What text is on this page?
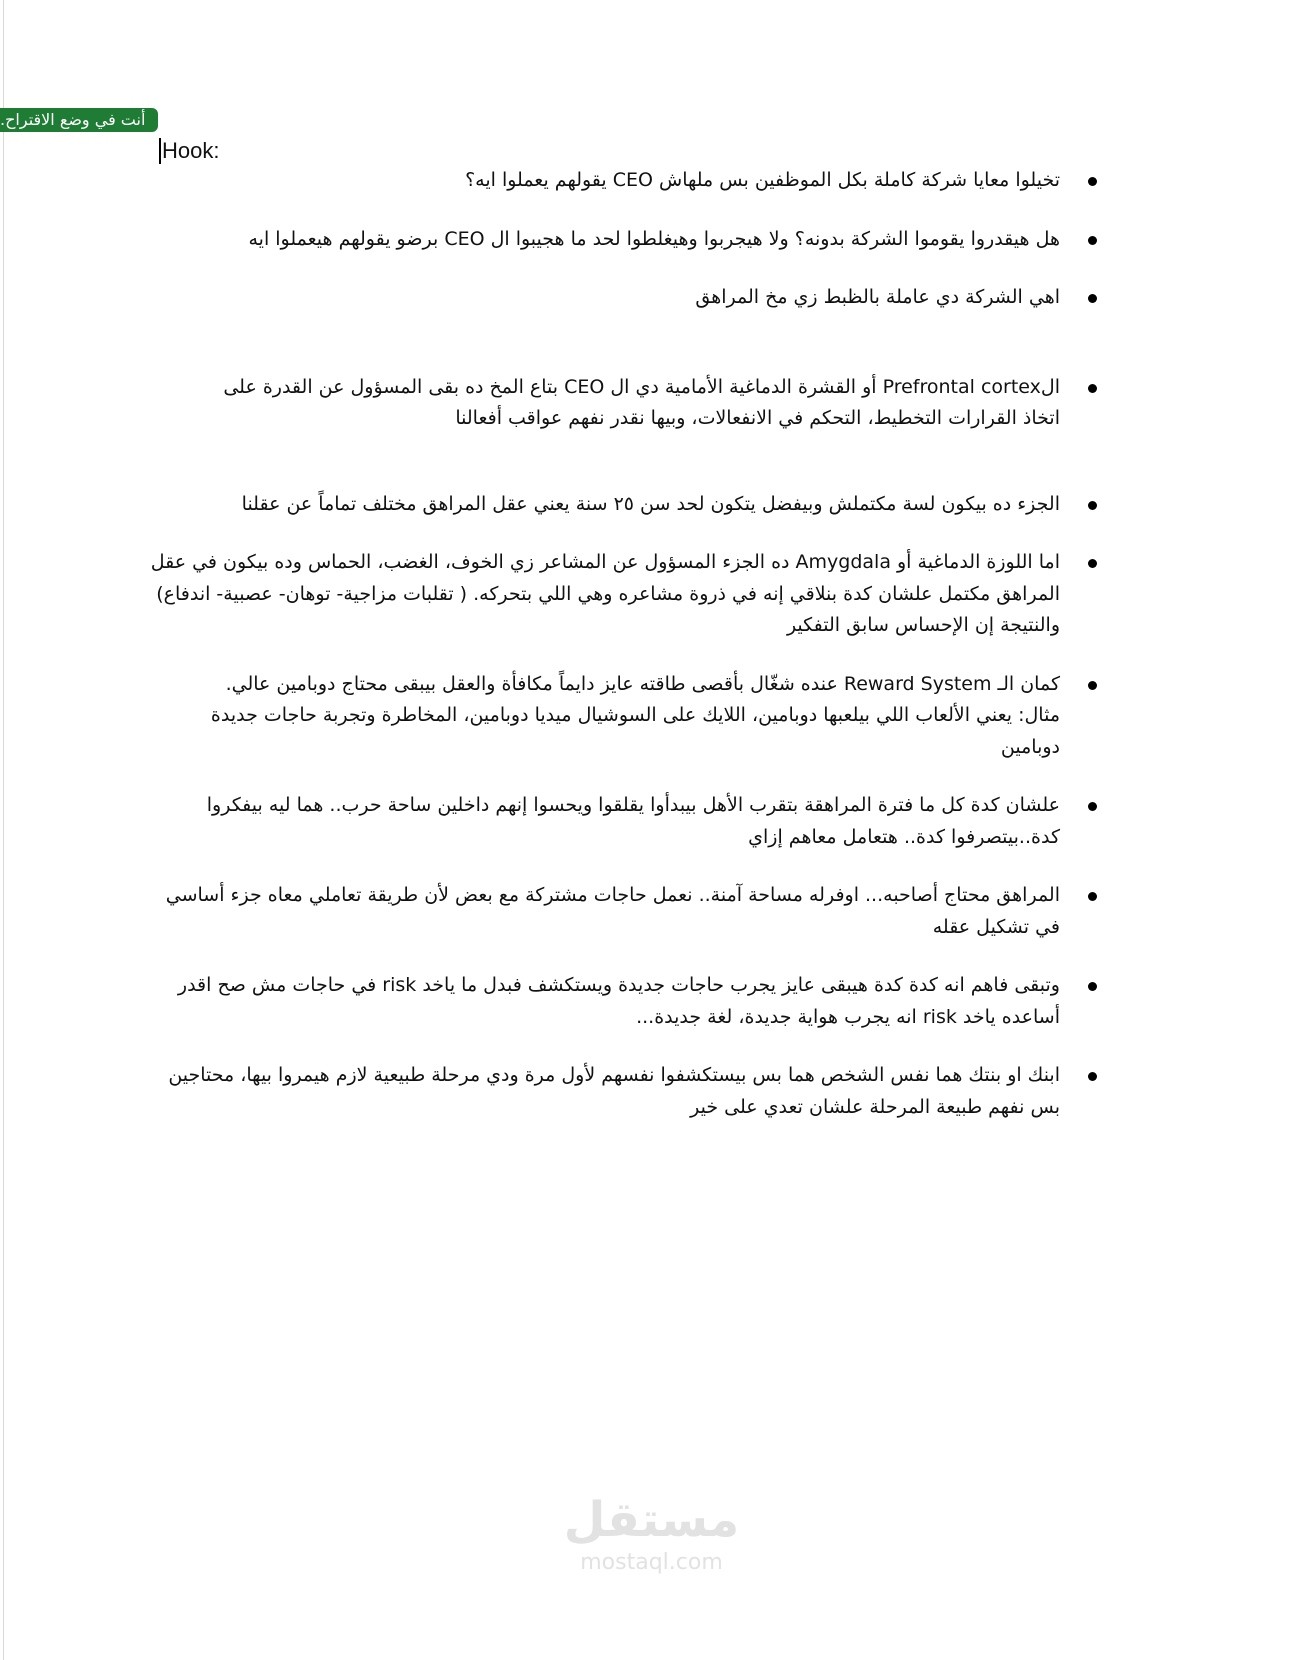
أنت في وضع الاقتراح.
Hook:
تخيلوا معايا شركة كاملة بكل الموظفين بس ملهاش CEO يقولهم يعملوا ايه؟
هل هيقدروا يقوموا الشركة بدونه؟ ولا هيجربوا وهيغلطوا لحد ما هجيبوا ال CEO برضو يقولهم هيعملوا ايه
اهي الشركة دي عاملة بالظبط زي مخ المراهق
الPrefrontal cortex أو القشرة الدماغية الأمامية دي ال CEO بتاع المخ ده بقى المسؤول عن القدرة على
اتخاذ القرارات التخطيط، التحكم في الانفعالات، وبيها نقدر نفهم عواقب أفعالنا
الجزء ده بيكون لسة مكتملش وبيفضل يتكون لحد سن ٢٥ سنة يعني عقل المراهق مختلف تماماً عن عقلنا
اما اللوزة الدماغية أو Amygdala ده الجزء المسؤول عن المشاعر زي الخوف، الغضب، الحماس وده بيكون في عقل
المراهق مكتمل علشان كدة بنلاقي إنه في ذروة مشاعره وهي اللي بتحركه. ( تقلبات مزاجية- توهان- عصبية- اندفاع)
والنتيجة إن الإحساس سابق التفكير
كمان الـ Reward System عنده شغّال بأقصى طاقته عايز دايماً مكافأة والعقل بيبقى محتاج دوبامين عالي.
مثال: يعني الألعاب اللي بيلعبها دوبامين، اللايك على السوشيال ميديا دوبامين، المخاطرة وتجربة حاجات جديدة
دوبامين
علشان كدة كل ما فترة المراهقة بتقرب الأهل بيبدأوا يقلقوا ويحسوا إنهم داخلين ساحة حرب.. هما ليه بيفكروا
كدة..بيتصرفوا كدة.. هتعامل معاهم إزاي
المراهق محتاج أصاحبه... اوفرله مساحة آمنة.. نعمل حاجات مشتركة مع بعض لأن طريقة تعاملي معاه جزء أساسي
في تشكيل عقله
وتبقى فاهم انه كدة كدة هيبقى عايز يجرب حاجات جديدة ويستكشف فبدل ما ياخد risk في حاجات مش صح اقدر
أساعده ياخد risk انه يجرب هواية جديدة، لغة جديدة...
ابنك او بنتك هما نفس الشخص هما بس بيستكشفوا نفسهم لأول مرة ودي مرحلة طبيعية لازم هيمروا بيها، محتاجين
بس نفهم طبيعة المرحلة علشان تعدي على خير
مستقل
mostaql.com
